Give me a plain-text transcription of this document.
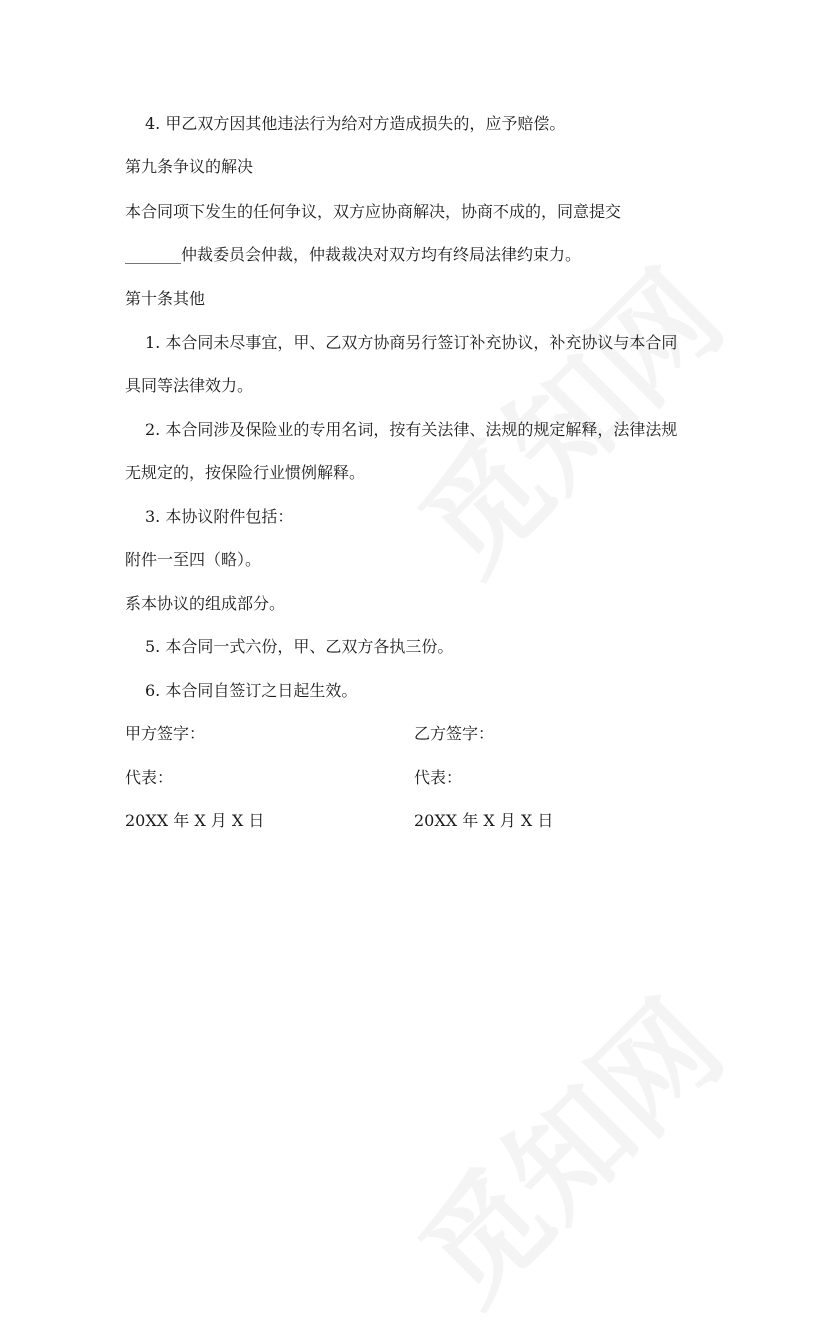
4. 甲乙双方因其他违法行为给对方造成损失的，应予赔偿。
第九条争议的解决
本合同项下发生的任何争议，双方应协商解决，协商不成的，同意提交
_______仲裁委员会仲裁，仲裁裁决对双方均有终局法律约束力。
第十条其他
1. 本合同未尽事宜，甲、乙双方协商另行签订补充协议，补充协议与本合同
具同等法律效力。
2. 本合同涉及保险业的专用名词，按有关法律、法规的规定解释，法律法规
无规定的，按保险行业惯例解释。
3. 本协议附件包括：
附件一至四（略）。
系本协议的组成部分。
5. 本合同一式六份，甲、乙双方各执三份。
6. 本合同自签订之日起生效。
甲方签字：	乙方签字：
代表：	代表：
20XX 年 X 月 X 日	20XX 年 X 月 X 日
